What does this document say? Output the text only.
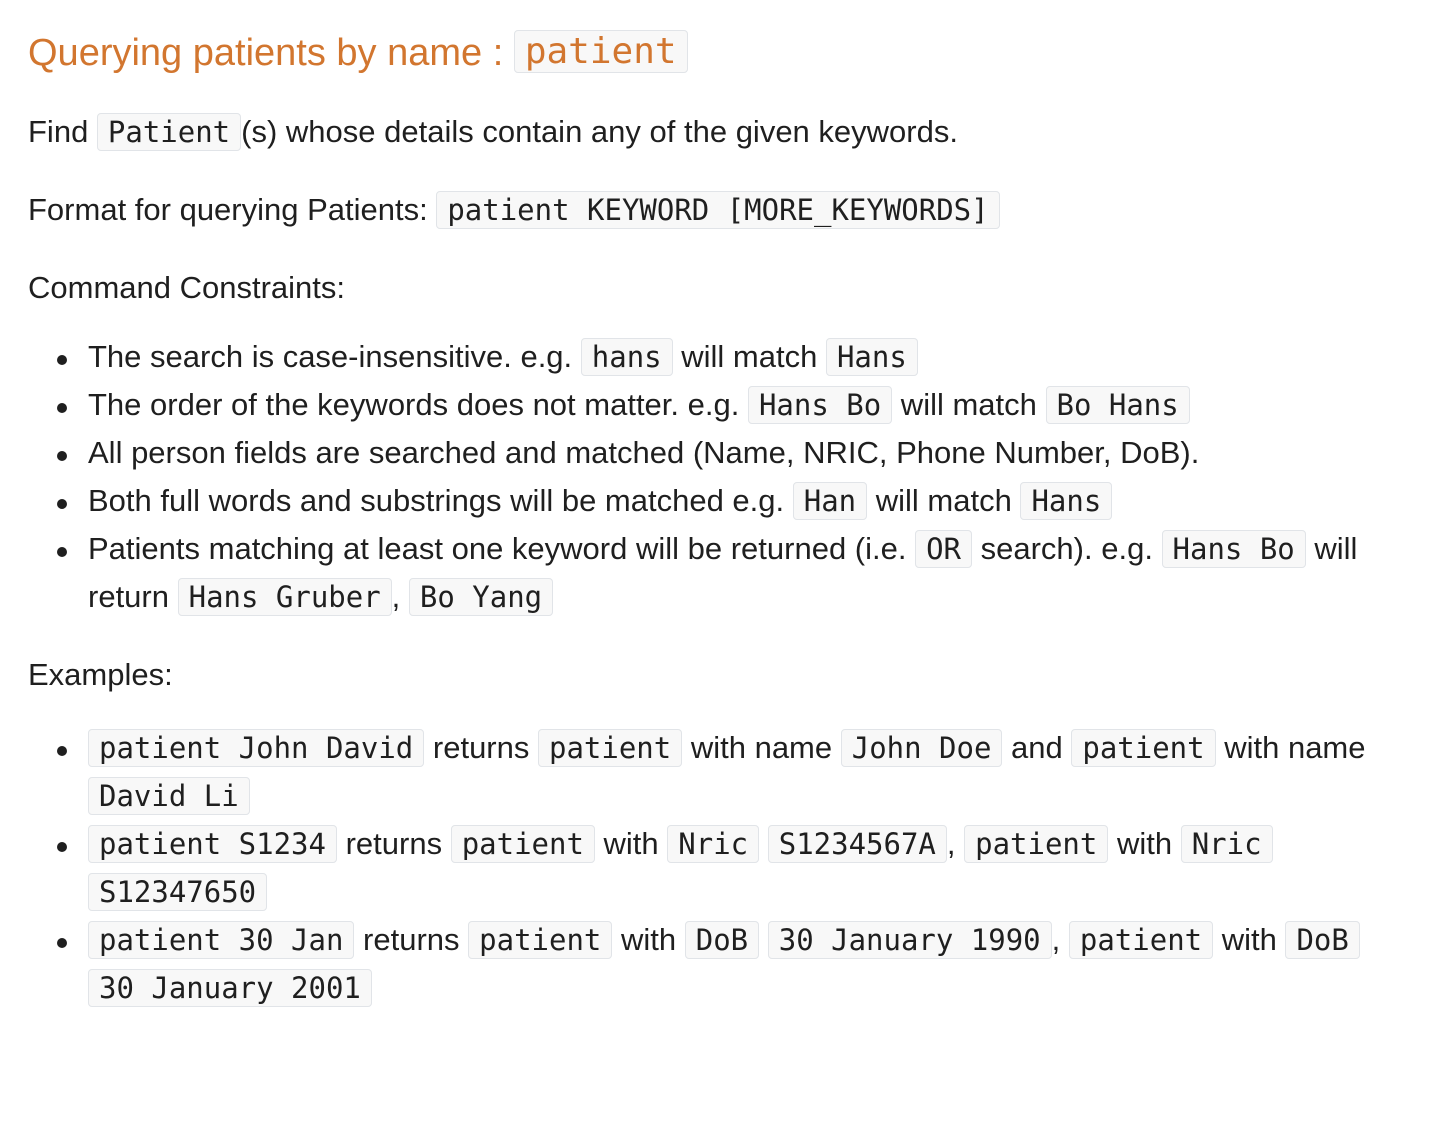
Querying patients by name : patient

Find Patient (s) whose details contain any of the given keywords.

Format for querying Patients: patient KEYWORD [MORE_KEYWORDS]

Command Constraints:

The search is case-insensitive. e.g. hans will match Hans
The order of the keywords does not matter. e.g. Hans Bo will match Bo Hans
All person fields are searched and matched (Name, NRIC, Phone Number, DoB).
Both full words and substrings will be matched e.g. Han will match Hans
Patients matching at least one keyword will be returned (i.e. OR search). e.g. Hans Bo will return Hans Gruber , Bo Yang

Examples:

patient John David returns patient with name John Doe and patient with name David Li
patient S1234 returns patient with Nric S1234567A , patient with Nric S12347650
patient 30 Jan returns patient with DoB 30 January 1990 , patient with DoB 30 January 2001
